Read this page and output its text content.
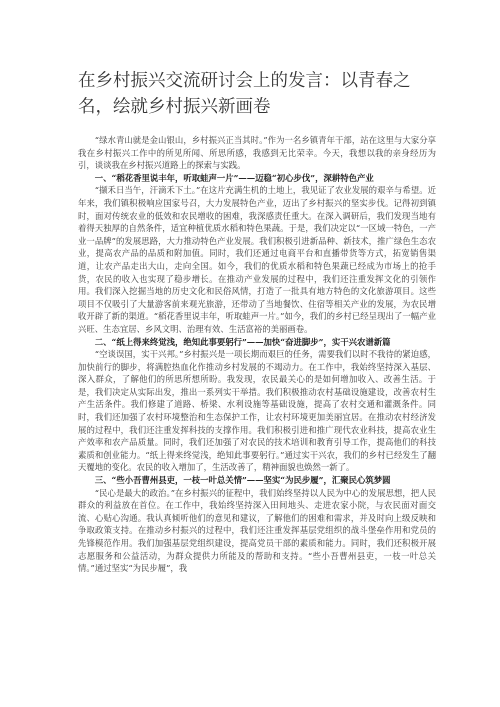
在乡村振兴交流研讨会上的发言：以青春之名，绘就乡村振兴新画卷

“绿水青山就是金山银山，乡村振兴正当其时。”作为一名乡镇青年干部，站在这里与大家分享我在乡村振兴工作中的所见所闻、所思所感，我感到无比荣幸。今天，我想以我的亲身经历为引，谈谈我在乡村振兴道路上的探索与实践。

一、“稻花香里说丰年，听取蛙声一片”——迈稳“初心步伐”，深耕特色产业

“撷禾日当午，汗滴禾下土。”在这片充满生机的土地上，我见证了农业发展的艰辛与希望。近年来，我们镇积极响应国家号召，大力发展特色产业，迈出了乡村振兴的坚实步伐。记得初到镇时，面对传统农业的低效和农民增收的困难，我深感责任重大。在深入调研后，我们发现当地有着得天独厚的自然条件，适宜种植优质水稻和特色果蔬。于是，我们决定以“一区域一特色，一产业一品牌”的发展思路，大力推动特色产业发展。我们积极引进新品种、新技术，推广绿色生态农业，提高农产品的品质和附加值。同时，我们还通过电商平台和直播带货等方式，拓宽销售渠道，让农产品走出大山，走向全国。如今，我们的优质水稻和特色果蔬已经成为市场上的抢手货，农民的收入也实现了稳步增长。在推动产业发展的过程中，我们还注重发挥文化的引领作用。我们深入挖掘当地的历史文化和民俗风情，打造了一批具有地方特色的文化旅游项目。这些项目不仅吸引了大量游客前来观光旅游，还带动了当地餐饮、住宿等相关产业的发展，为农民增收开辟了新的渠道。“稻花香里说丰年，听取蛙声一片。”如今，我们的乡村已经呈现出了一幅产业兴旺、生态宜居、乡风文明、治理有效、生活富裕的美丽画卷。

二、“纸上得来终觉浅，绝知此事要躬行”——加快“奋进脚步”，实干兴农谱新篇

“空谈误国，实干兴邦。”乡村振兴是一项长期而艰巨的任务，需要我们以时不我待的紧迫感，加快前行的脚步，将满腔热血化作推动乡村发展的不竭动力。在工作中，我始终坚持深入基层、深入群众，了解他们的所思所想所盼。我发现，农民最关心的是如何增加收入、改善生活。于是，我们决定从实际出发，推出一系列实干举措。我们积极推动农村基础设施建设，改善农村生产生活条件。我们修建了道路、桥梁、水利设施等基础设施，提高了农村交通和灌溉条件。同时，我们还加强了农村环境整治和生态保护工作，让农村环境更加美丽宜居。在推动农村经济发展的过程中，我们还注重发挥科技的支撑作用。我们积极引进和推广现代农业科技，提高农业生产效率和农产品质量。同时，我们还加强了对农民的技术培训和教育引导工作，提高他们的科技素质和创业能力。“纸上得来终觉浅，绝知此事要躬行。”通过实干兴农，我们的乡村已经发生了翻天覆地的变化。农民的收入增加了，生活改善了，精神面貌也焕然一新了。

三、“些小吾曹州县吏，一枝一叶总关情”——坚实“为民步履”，汇聚民心筑梦圆

“民心是最大的政治。”在乡村振兴的征程中，我们始终坚持以人民为中心的发展思想，把人民群众的利益放在首位。在工作中，我始终坚持深入田间地头、走进农家小院，与农民面对面交流、心贴心沟通。我认真倾听他们的意见和建议，了解他们的困难和需求，并及时向上级反映和争取政策支持。在推动乡村振兴的过程中，我们还注重发挥基层党组织的战斗堡垒作用和党员的先锋模范作用。我们加强基层党组织建设，提高党员干部的素质和能力。同时，我们还积极开展志愿服务和公益活动，为群众提供力所能及的帮助和支持。“些小吾曹州县吏，一枝一叶总关情。”通过坚实“为民步履”，我
